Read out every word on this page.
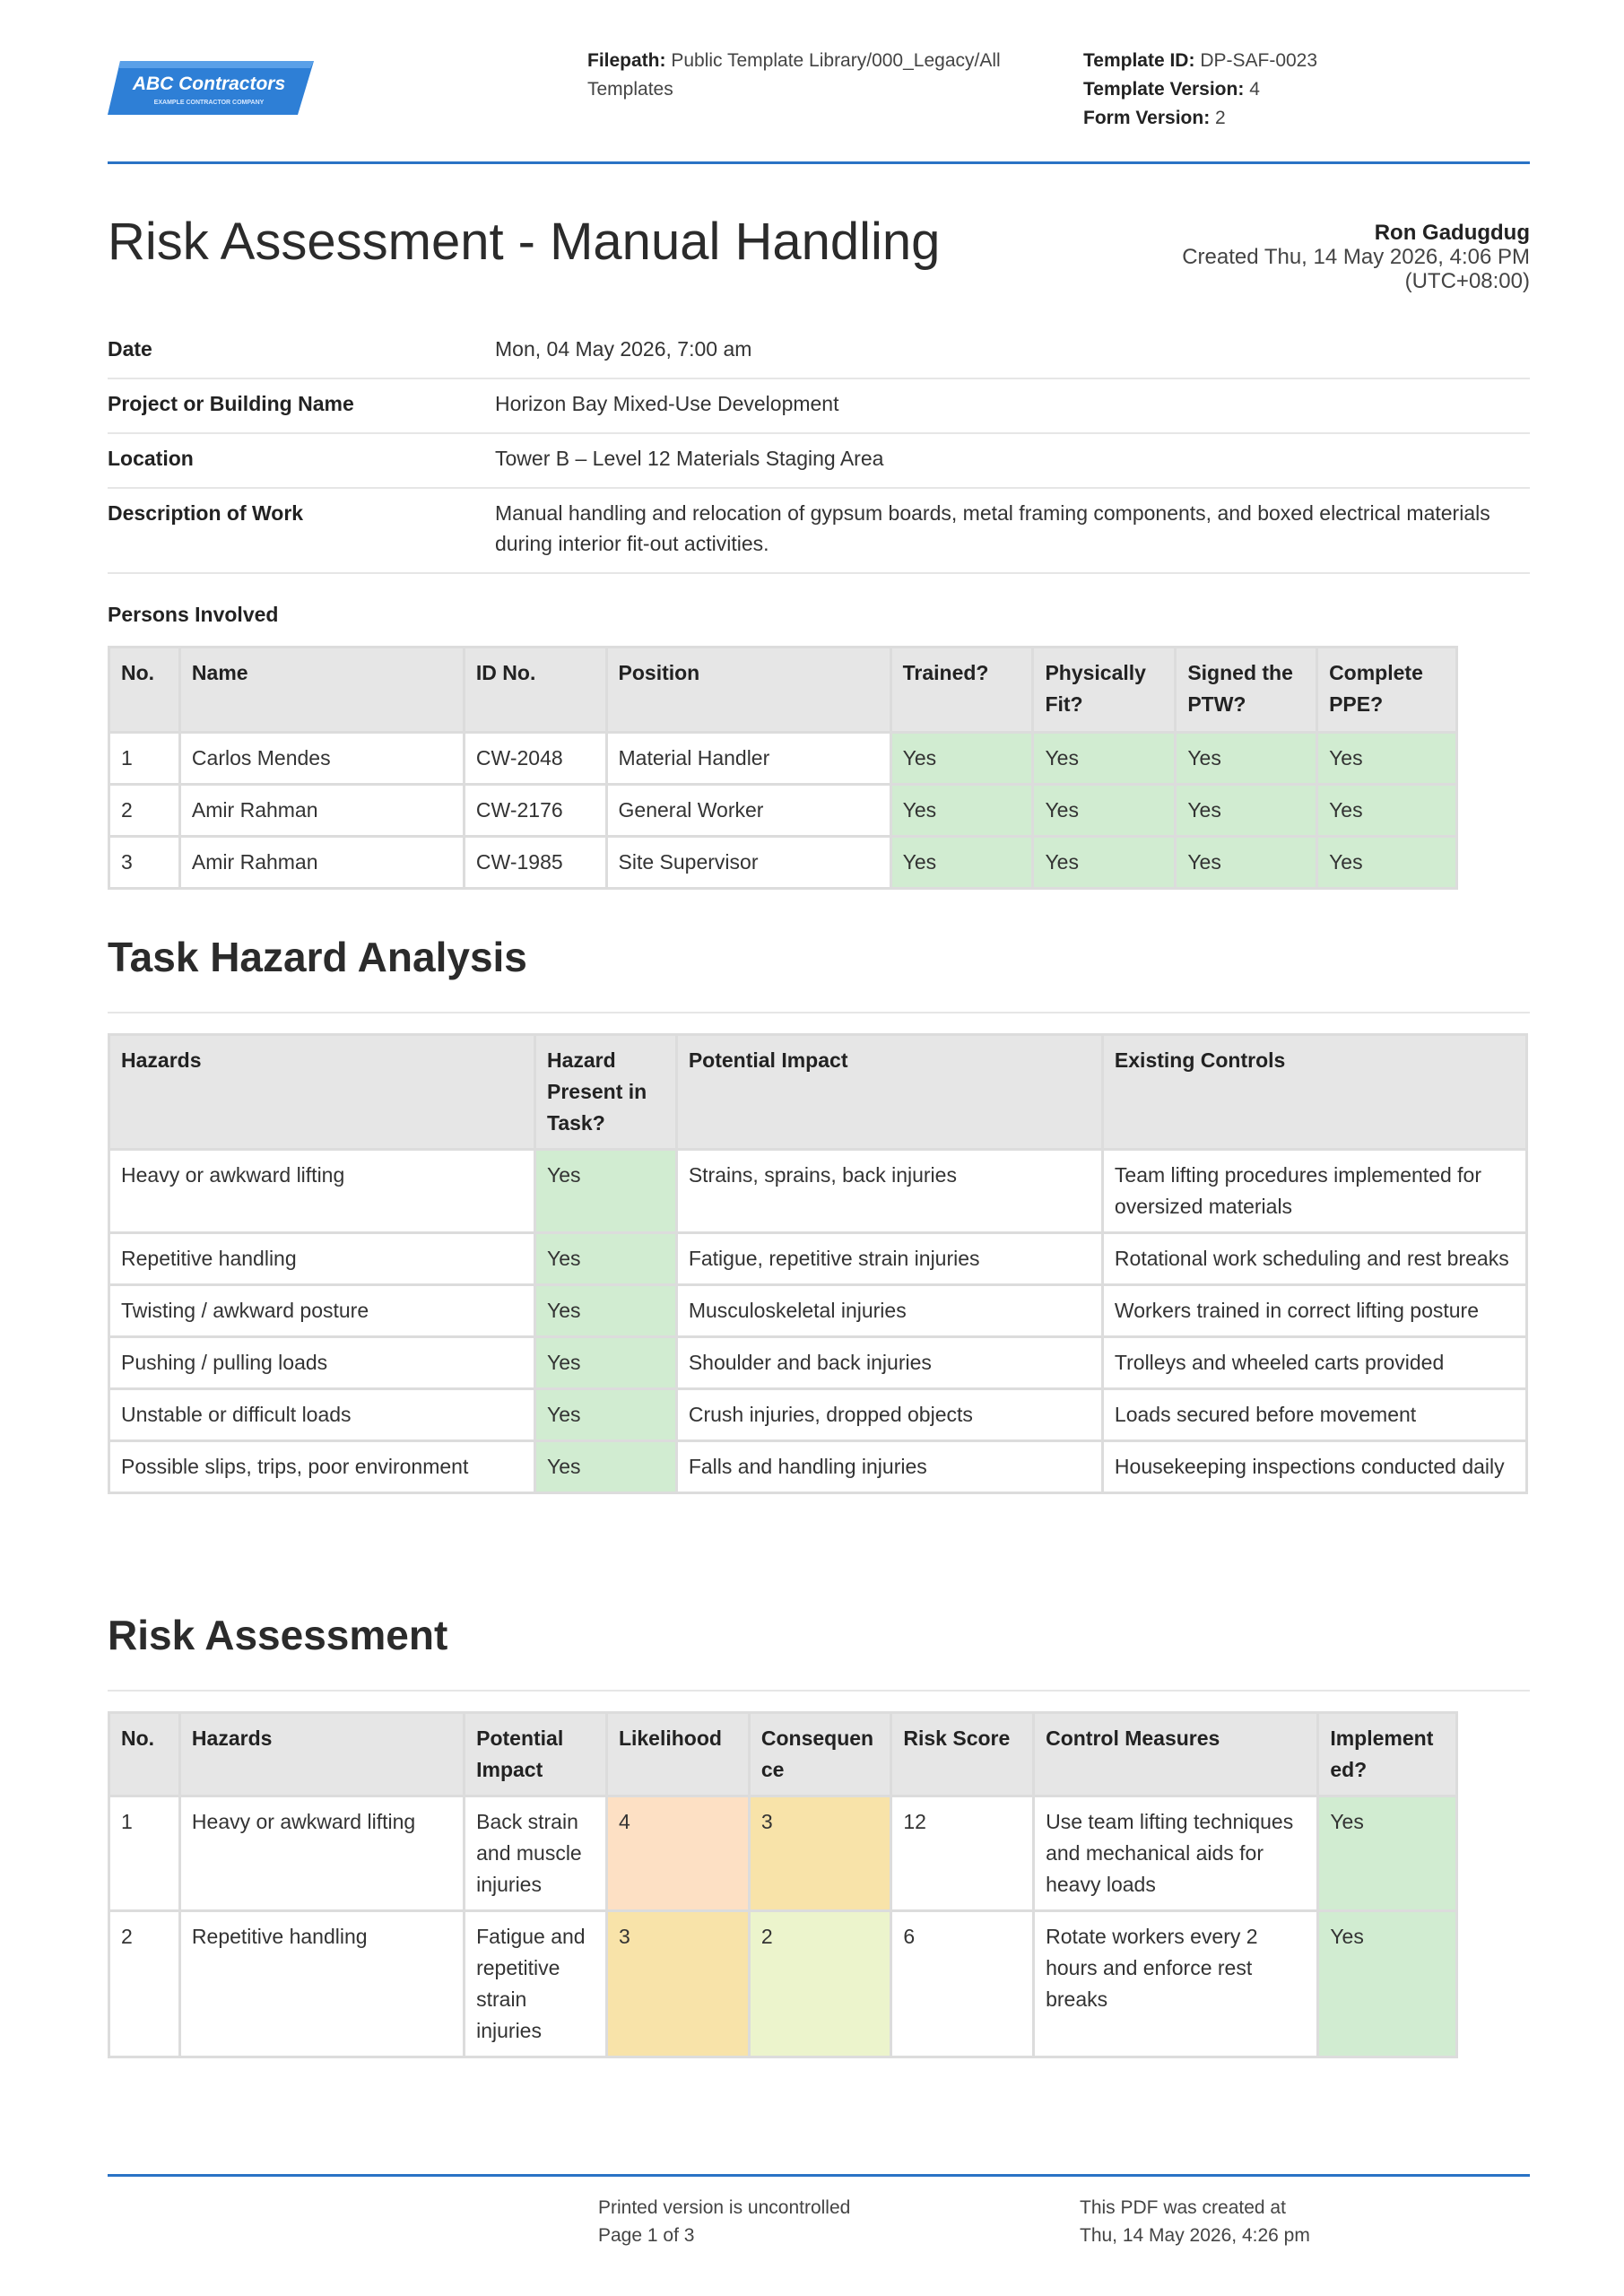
ABC Contractors
EXAMPLE CONTRACTOR COMPANY
Filepath: Public Template Library/000_Legacy/All Templates
Template ID: DP-SAF-0023
Template Version: 4
Form Version: 2
Risk Assessment - Manual Handling	Ron Gadugdug
Created Thu, 14 May 2026, 4:06 PM
(UTC+08:00)
Date	Mon, 04 May 2026, 7:00 am
Project or Building Name	Horizon Bay Mixed-Use Development
Location	Tower B – Level 12 Materials Staging Area
Description of Work	Manual handling and relocation of gypsum boards, metal framing components, and boxed electrical materials during interior fit-out activities.
Persons Involved
No.	Name	ID No.	Position	Trained?	Physically Fit?	Signed the PTW?	Complete PPE?
1	Carlos Mendes	CW-2048	Material Handler	Yes	Yes	Yes	Yes
2	Amir Rahman	CW-2176	General Worker	Yes	Yes	Yes	Yes
3	Amir Rahman	CW-1985	Site Supervisor	Yes	Yes	Yes	Yes
Task Hazard Analysis
Hazards	Hazard Present in Task?	Potential Impact	Existing Controls
Heavy or awkward lifting	Yes	Strains, sprains, back injuries	Team lifting procedures implemented for oversized materials
Repetitive handling	Yes	Fatigue, repetitive strain injuries	Rotational work scheduling and rest breaks
Twisting / awkward posture	Yes	Musculoskeletal injuries	Workers trained in correct lifting posture
Pushing / pulling loads	Yes	Shoulder and back injuries	Trolleys and wheeled carts provided
Unstable or difficult loads	Yes	Crush injuries, dropped objects	Loads secured before movement
Possible slips, trips, poor environment	Yes	Falls and handling injuries	Housekeeping inspections conducted daily
Risk Assessment
No.	Hazards	Potential Impact	Likelihood	Consequence	Risk Score	Control Measures	Implemented?
1	Heavy or awkward lifting	Back strain and muscle injuries	4	3	12	Use team lifting techniques and mechanical aids for heavy loads	Yes
2	Repetitive handling	Fatigue and repetitive strain injuries	3	2	6	Rotate workers every 2 hours and enforce rest breaks	Yes
Printed version is uncontrolled
Page 1 of 3
This PDF was created at
Thu, 14 May 2026, 4:26 pm
